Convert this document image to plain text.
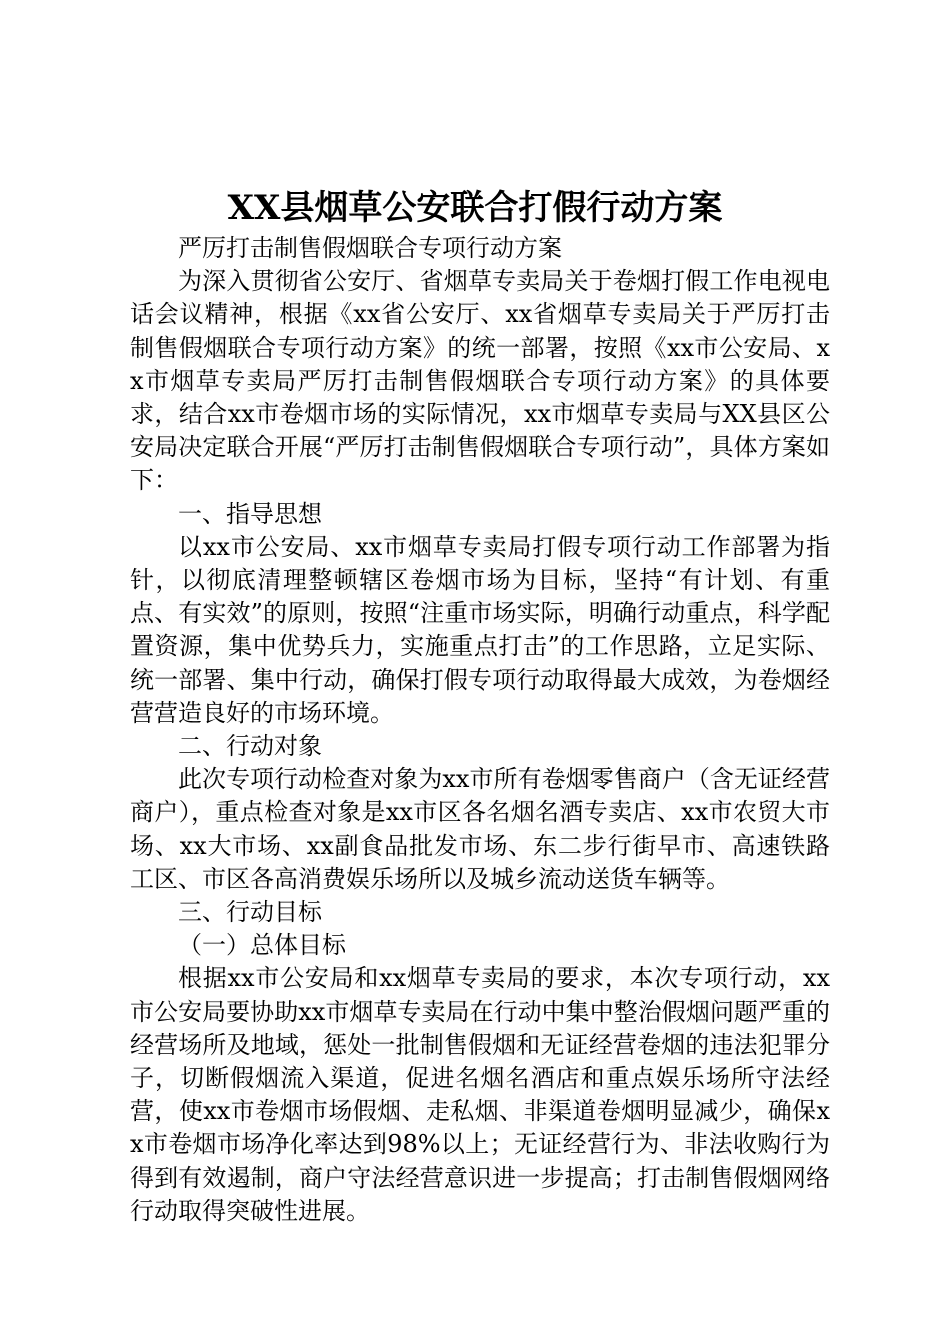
XX县烟草公安联合打假行动方案

严厉打击制售假烟联合专项行动方案

为深入贯彻省公安厅、省烟草专卖局关于卷烟打假工作电视电话会议精神，根据《xx省公安厅、xx省烟草专卖局关于严厉打击制售假烟联合专项行动方案》的统一部署，按照《xx市公安局、xx市烟草专卖局严厉打击制售假烟联合专项行动方案》的具体要求，结合xx市卷烟市场的实际情况，xx市烟草专卖局与XX县区公安局决定联合开展“严厉打击制售假烟联合专项行动”，具体方案如下：

一、指导思想

以xx市公安局、xx市烟草专卖局打假专项行动工作部署为指针，以彻底清理整顿辖区卷烟市场为目标，坚持“有计划、有重点、有实效”的原则，按照“注重市场实际，明确行动重点，科学配置资源，集中优势兵力，实施重点打击”的工作思路，立足实际、统一部署、集中行动，确保打假专项行动取得最大成效，为卷烟经营营造良好的市场环境。

二、行动对象

此次专项行动检查对象为xx市所有卷烟零售商户（含无证经营商户），重点检查对象是xx市区各名烟名酒专卖店、xx市农贸大市场、xx大市场、xx副食品批发市场、东二步行街早市、高速铁路工区、市区各高消费娱乐场所以及城乡流动送货车辆等。

三、行动目标

（一）总体目标

根据xx市公安局和xx烟草专卖局的要求，本次专项行动，xx市公安局要协助xx市烟草专卖局在行动中集中整治假烟问题严重的经营场所及地域，惩处一批制售假烟和无证经营卷烟的违法犯罪分子，切断假烟流入渠道，促进名烟名酒店和重点娱乐场所守法经营，使xx市卷烟市场假烟、走私烟、非渠道卷烟明显减少，确保xx市卷烟市场净化率达到98%以上；无证经营行为、非法收购行为得到有效遏制，商户守法经营意识进一步提高；打击制售假烟网络行动取得突破性进展。
